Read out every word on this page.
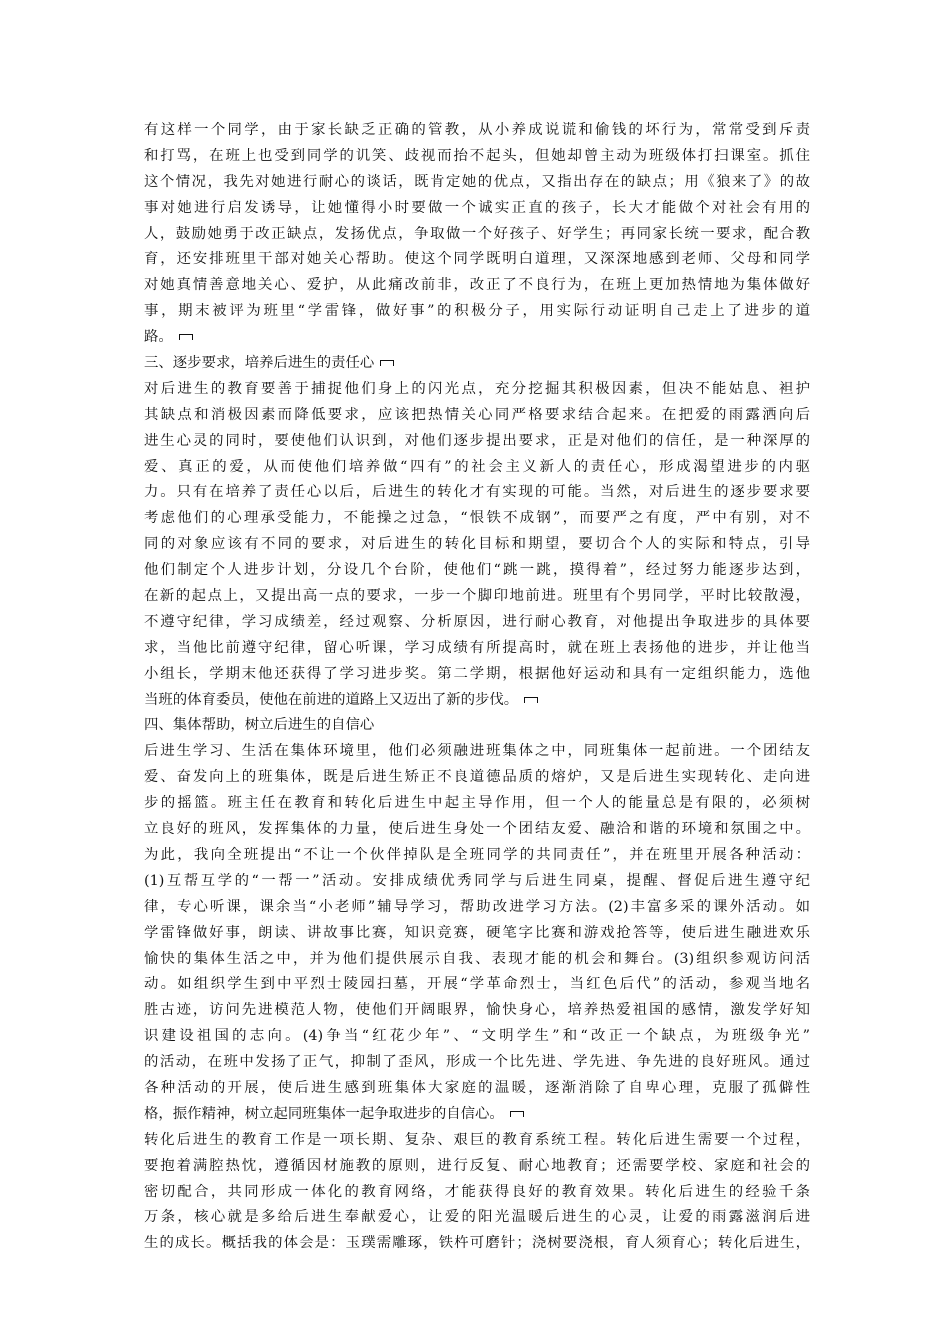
有这样一个同学，由于家长缺乏正确的管教，从小养成说谎和偷钱的坏行为，常常受到斥责
和打骂，在班上也受到同学的讥笑、歧视而抬不起头，但她却曾主动为班级体打扫课室。抓住
这个情况，我先对她进行耐心的谈话，既肯定她的优点，又指出存在的缺点；用《狼来了》的故
事对她进行启发诱导，让她懂得小时要做一个诚实正直的孩子，长大才能做个对社会有用的
人，鼓励她勇于改正缺点，发扬优点，争取做一个好孩子、好学生；再同家长统一要求，配合教
育，还安排班里干部对她关心帮助。使这个同学既明白道理，又深深地感到老师、父母和同学
对她真情善意地关心、爱护，从此痛改前非，改正了不良行为，在班上更加热情地为集体做好
事，期末被评为班里“学雷锋，做好事”的积极分子，用实际行动证明自己走上了进步的道
路。
三、逐步要求，培养后进生的责任心
对后进生的教育要善于捕捉他们身上的闪光点，充分挖掘其积极因素，但决不能姑息、袒护
其缺点和消极因素而降低要求，应该把热情关心同严格要求结合起来。在把爱的雨露洒向后
进生心灵的同时，要使他们认识到，对他们逐步提出要求，正是对他们的信任，是一种深厚的
爱、真正的爱，从而使他们培养做“四有”的社会主义新人的责任心，形成渴望进步的内驱
力。只有在培养了责任心以后，后进生的转化才有实现的可能。当然，对后进生的逐步要求要
考虑他们的心理承受能力，不能操之过急，“恨铁不成钢”，而要严之有度，严中有别，对不
同的对象应该有不同的要求，对后进生的转化目标和期望，要切合个人的实际和特点，引导
他们制定个人进步计划，分设几个台阶，使他们“跳一跳，摸得着”，经过努力能逐步达到，
在新的起点上，又提出高一点的要求，一步一个脚印地前进。班里有个男同学，平时比较散漫，
不遵守纪律，学习成绩差，经过观察、分析原因，进行耐心教育，对他提出争取进步的具体要
求，当他比前遵守纪律，留心听课，学习成绩有所提高时，就在班上表扬他的进步，并让他当
小组长，学期末他还获得了学习进步奖。第二学期，根据他好运动和具有一定组织能力，选他
当班的体育委员，使他在前进的道路上又迈出了新的步伐。
四、集体帮助，树立后进生的自信心
后进生学习、生活在集体环境里，他们必须融进班集体之中，同班集体一起前进。一个团结友
爱、奋发向上的班集体，既是后进生矫正不良道德品质的熔炉，又是后进生实现转化、走向进
步的摇篮。班主任在教育和转化后进生中起主导作用，但一个人的能量总是有限的，必须树
立良好的班风，发挥集体的力量，使后进生身处一个团结友爱、融洽和谐的环境和氛围之中。
为此，我向全班提出“不让一个伙伴掉队是全班同学的共同责任”，并在班里开展各种活动：
(1)互帮互学的“一帮一”活动。安排成绩优秀同学与后进生同桌，提醒、督促后进生遵守纪
律，专心听课，课余当“小老师”辅导学习，帮助改进学习方法。(2)丰富多采的课外活动。如
学雷锋做好事，朗读、讲故事比赛，知识竞赛，硬笔字比赛和游戏抢答等，使后进生融进欢乐
愉快的集体生活之中，并为他们提供展示自我、表现才能的机会和舞台。(3)组织参观访问活
动。如组织学生到中平烈士陵园扫墓，开展“学革命烈士，当红色后代”的活动，参观当地名
胜古迹，访问先进模范人物，使他们开阔眼界，愉快身心，培养热爱祖国的感情，激发学好知
识建设祖国的志向。(4)争当“红花少年”、“文明学生”和“改正一个缺点，为班级争光”
的活动，在班中发扬了正气，抑制了歪风，形成一个比先进、学先进、争先进的良好班风。通过
各种活动的开展，使后进生感到班集体大家庭的温暖，逐渐消除了自卑心理，克服了孤僻性
格，振作精神，树立起同班集体一起争取进步的自信心。
转化后进生的教育工作是一项长期、复杂、艰巨的教育系统工程。转化后进生需要一个过程，
要抱着满腔热忱，遵循因材施教的原则，进行反复、耐心地教育；还需要学校、家庭和社会的
密切配合，共同形成一体化的教育网络，才能获得良好的教育效果。转化后进生的经验千条
万条，核心就是多给后进生奉献爱心，让爱的阳光温暖后进生的心灵，让爱的雨露滋润后进
生的成长。概括我的体会是：玉璞需雕琢，铁杵可磨针；浇树要浇根，育人须育心；转化后进生，
